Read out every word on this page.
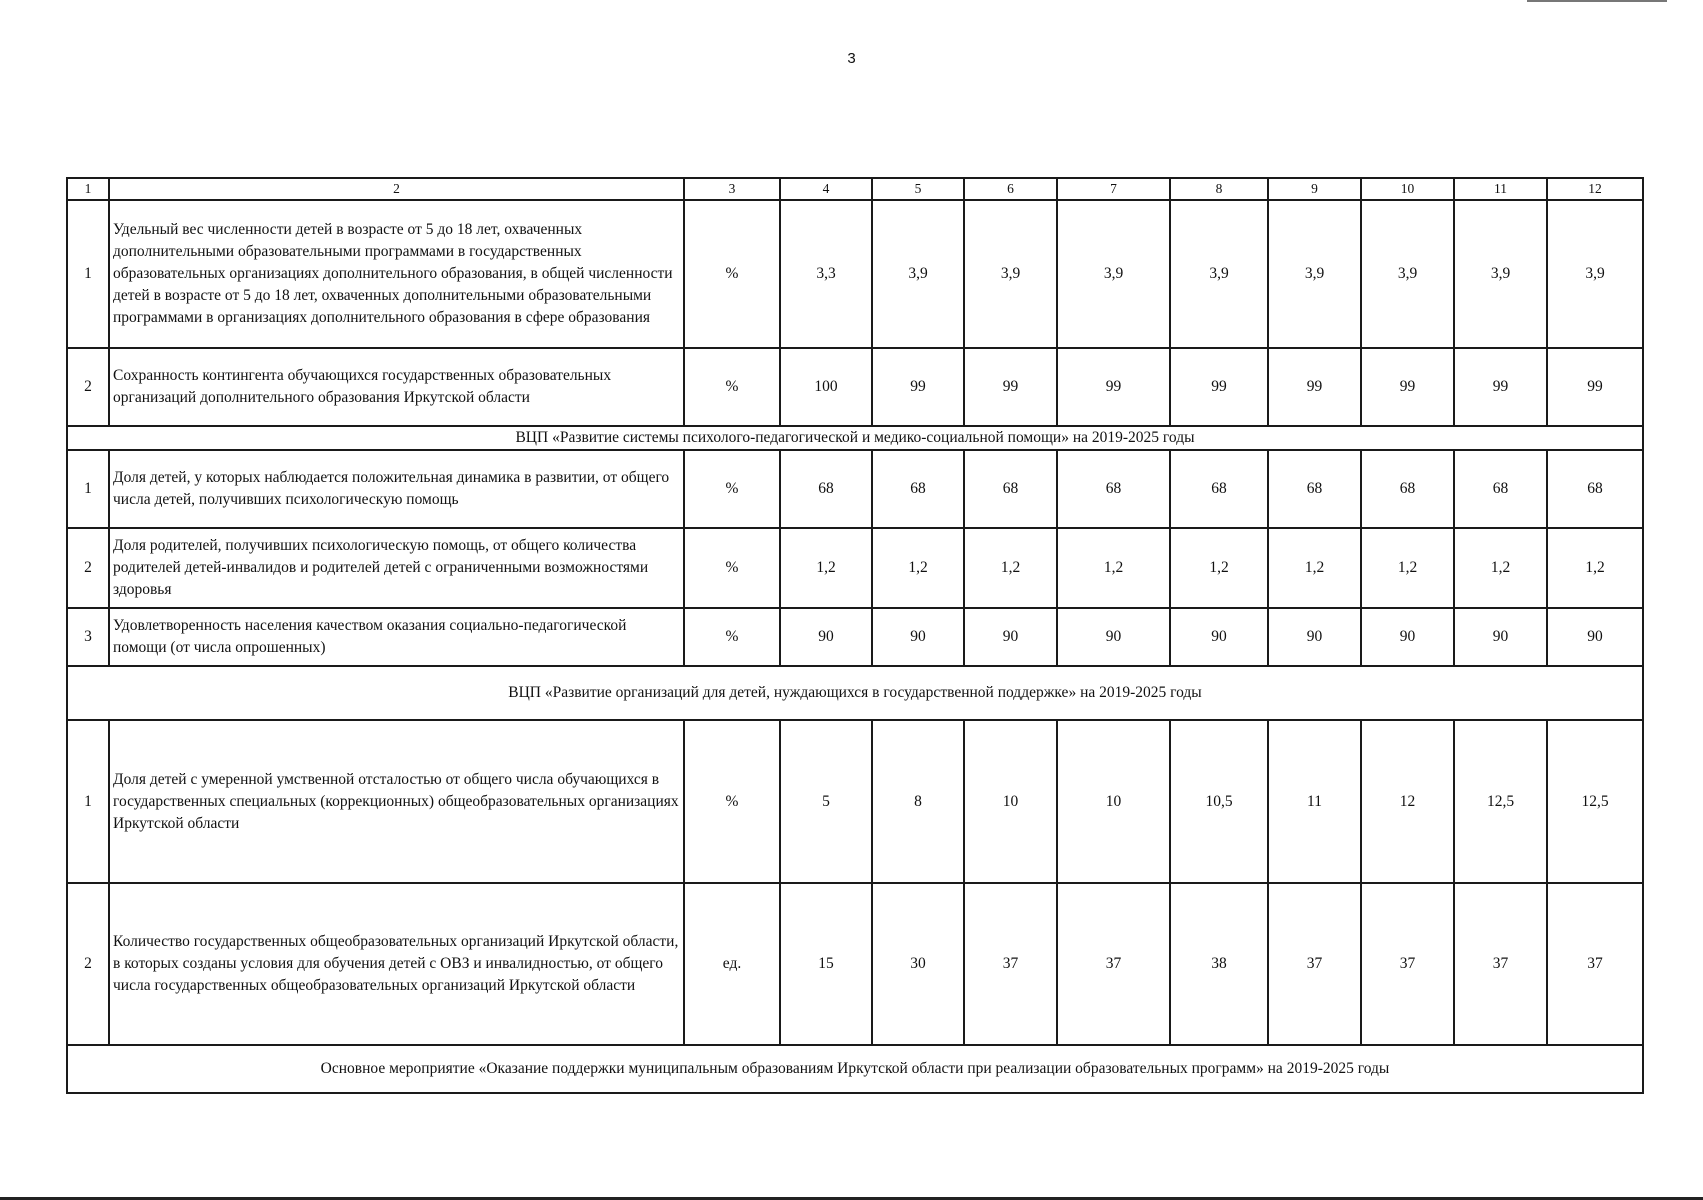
3
1	2	3	4	5	6	7	8	9	10	11	12
1	Удельный вес численности детей в возрасте от 5 до 18 лет, охваченных дополнительными образовательными программами в государственных образовательных организациях дополнительного образования, в общей численности детей в возрасте от 5 до 18 лет, охваченных дополнительными образовательными программами в организациях дополнительного образования в сфере образования	%	3,3	3,9	3,9	3,9	3,9	3,9	3,9	3,9	3,9
2	Сохранность контингента обучающихся государственных образовательных организаций дополнительного образования Иркутской области	%	100	99	99	99	99	99	99	99	99
ВЦП «Развитие системы психолого-педагогической и медико-социальной помощи» на 2019-2025 годы											
1	Доля детей, у которых наблюдается положительная динамика в развитии, от общего числа детей, получивших психологическую помощь	%	68	68	68	68	68	68	68	68	68
2	Доля родителей, получивших психологическую помощь, от общего количества родителей детей-инвалидов и родителей детей с ограниченными возможностями здоровья	%	1,2	1,2	1,2	1,2	1,2	1,2	1,2	1,2	1,2
3	Удовлетворенность населения качеством оказания социально-педагогической помощи (от числа опрошенных)	%	90	90	90	90	90	90	90	90	90
ВЦП «Развитие организаций для детей, нуждающихся в государственной поддержке» на 2019-2025 годы											
1	Доля детей с умеренной умственной отсталостью от общего числа обучающихся в государственных специальных (коррекционных) общеобразовательных организациях Иркутской области	%	5	8	10	10	10,5	11	12	12,5	12,5
2	Количество государственных общеобразовательных организаций Иркутской области, в которых созданы условия для обучения детей с ОВЗ и инвалидностью, от общего числа государственных общеобразовательных организаций Иркутской области	ед.	15	30	37	37	38	37	37	37	37
Основное мероприятие «Оказание поддержки муниципальным образованиям Иркутской области при реализации образовательных программ» на 2019-2025 годы											
